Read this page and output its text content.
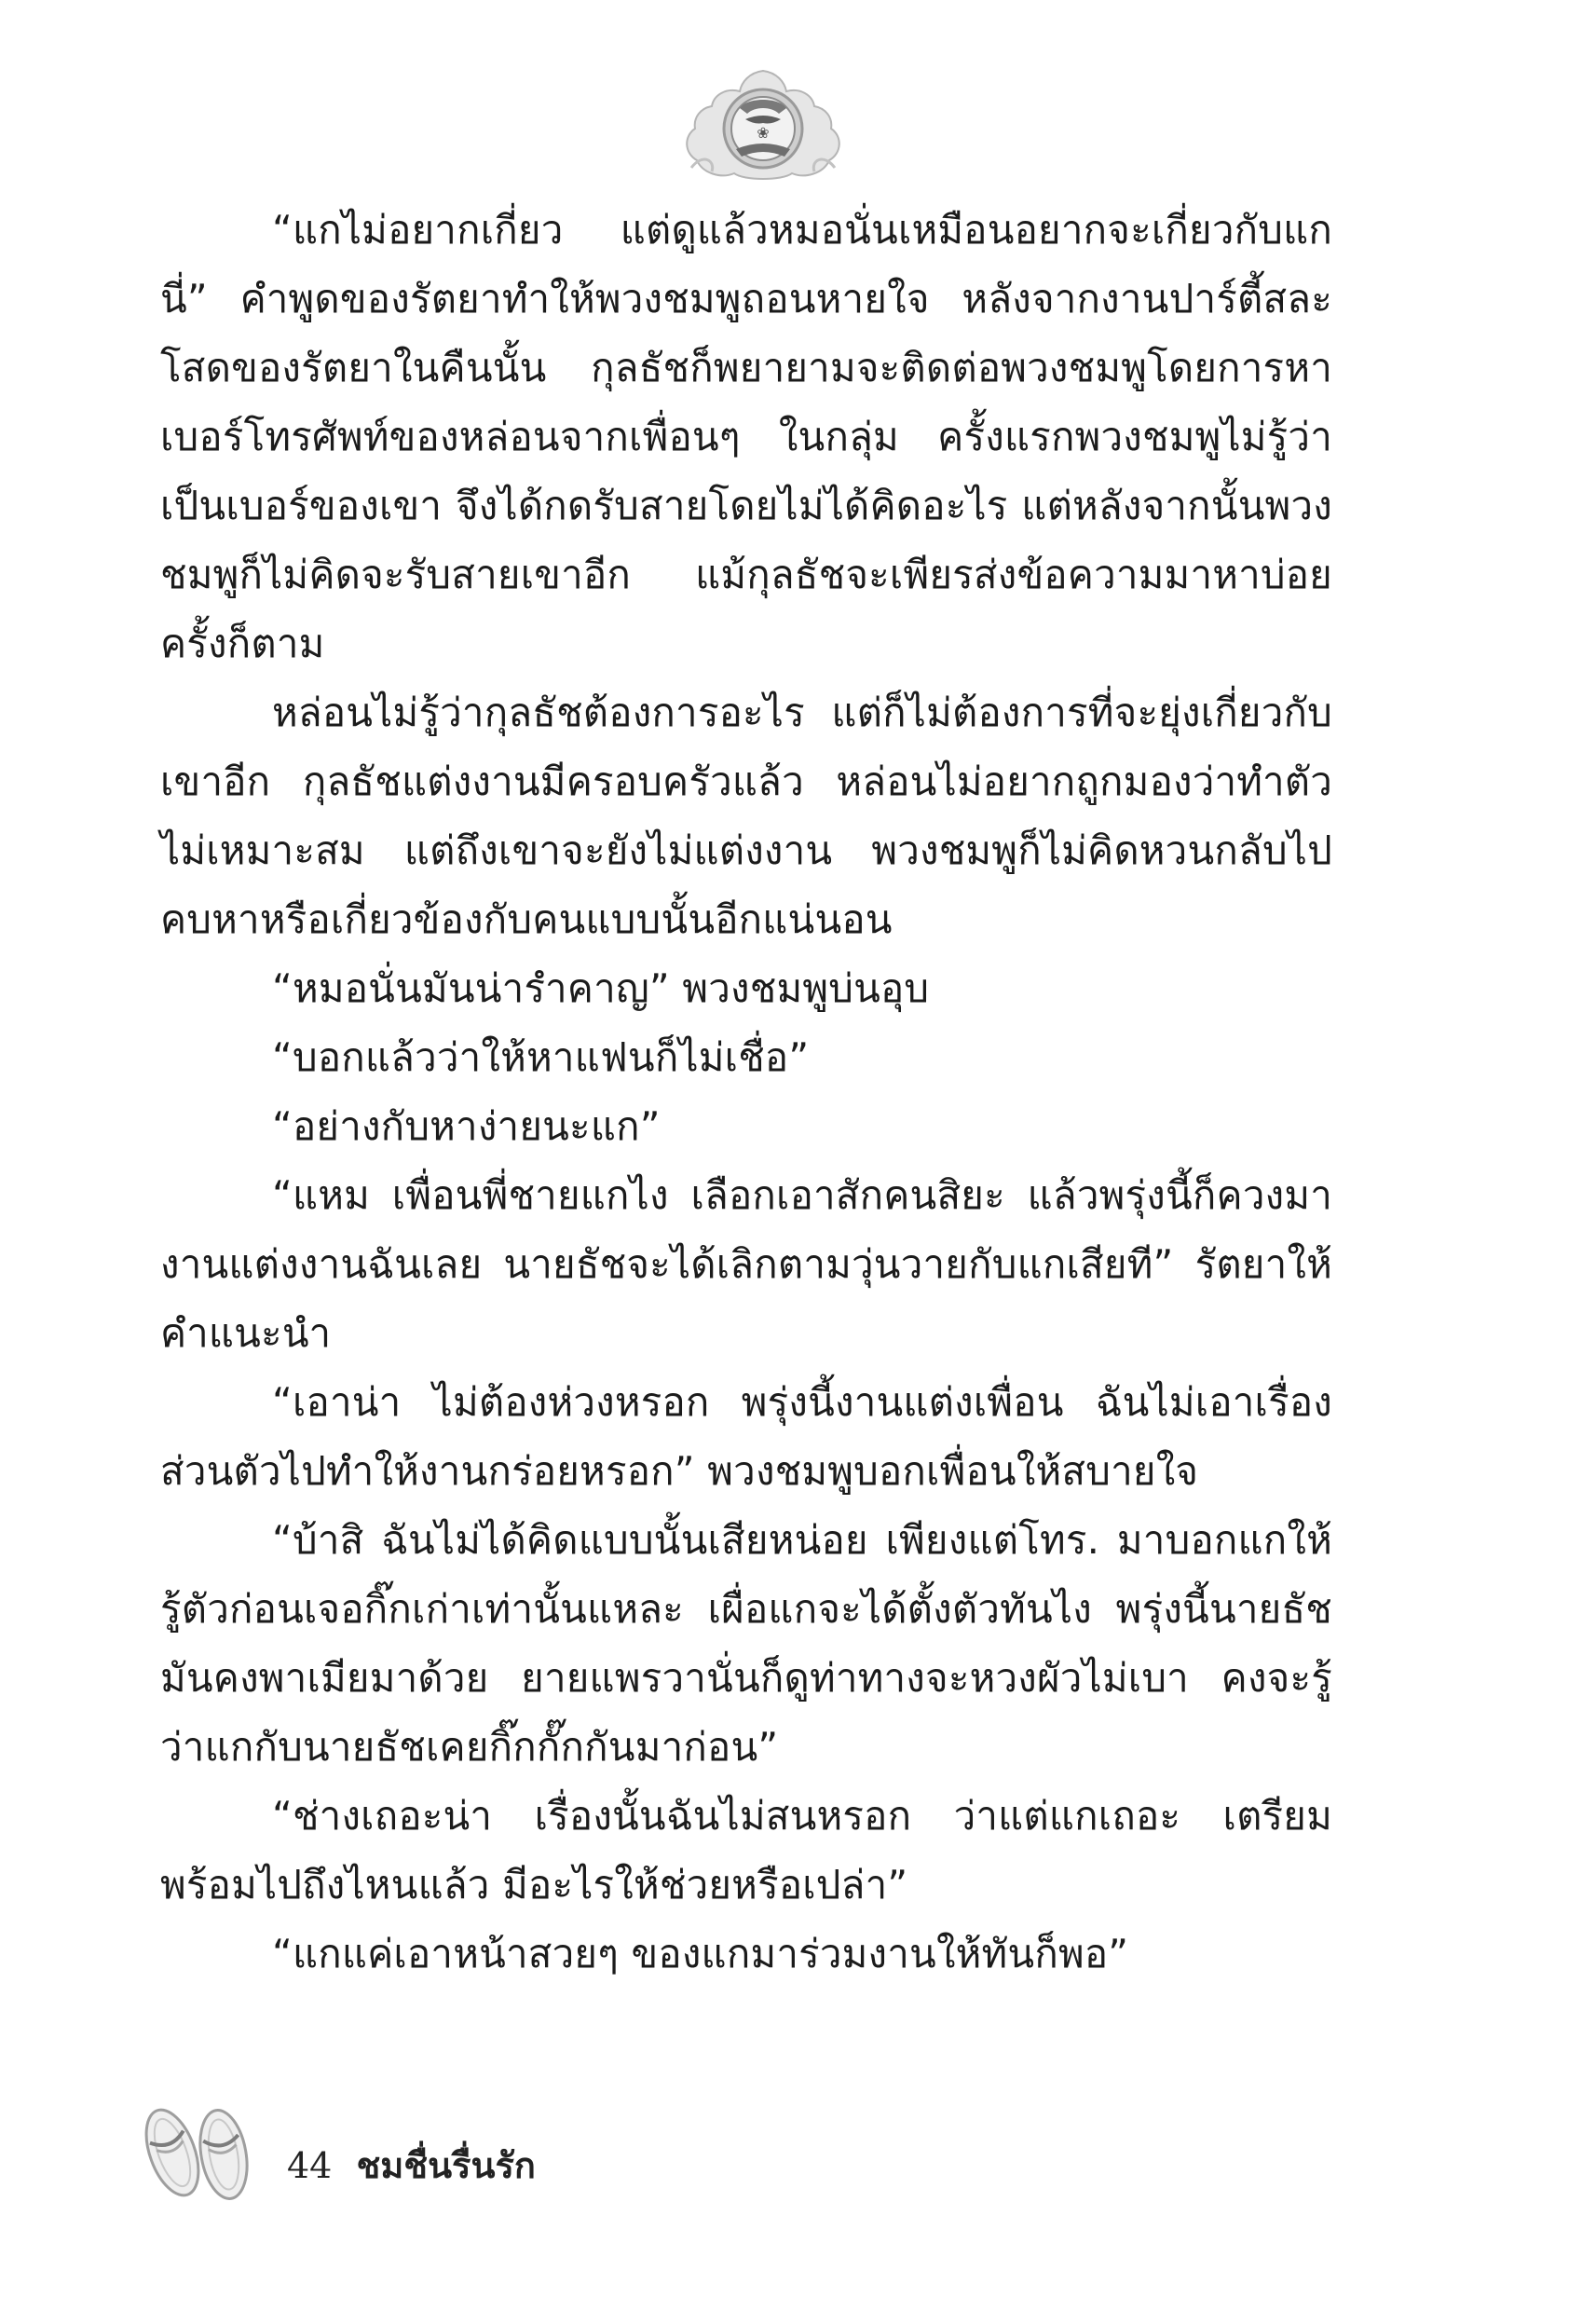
❀

“แกไม่อยากเกี่ยว แต่ดูแล้วหมอนั่นเหมือนอยากจะเกี่ยวกับแกนี่” คำพูดของรัตยาทำให้พวงชมพูถอนหายใจ หลังจากงานปาร์ตี้สละโสดของรัตยาในคืนนั้น กุลธัชก็พยายามจะติดต่อพวงชมพูโดยการหาเบอร์โทรศัพท์ของหล่อนจากเพื่อนๆ ในกลุ่ม ครั้งแรกพวงชมพูไม่รู้ว่าเป็นเบอร์ของเขา จึงได้กดรับสายโดยไม่ได้คิดอะไร แต่หลังจากนั้นพวงชมพูก็ไม่คิดจะรับสายเขาอีก แม้กุลธัชจะเพียรส่งข้อความมาหาบ่อยครั้งก็ตาม

หล่อนไม่รู้ว่ากุลธัชต้องการอะไร แต่ก็ไม่ต้องการที่จะยุ่งเกี่ยวกับเขาอีก กุลธัชแต่งงานมีครอบครัวแล้ว หล่อนไม่อยากถูกมองว่าทำตัวไม่เหมาะสม แต่ถึงเขาจะยังไม่แต่งงาน พวงชมพูก็ไม่คิดหวนกลับไปคบหาหรือเกี่ยวข้องกับคนแบบนั้นอีกแน่นอน

“หมอนั่นมันน่ารำคาญ” พวงชมพูบ่นอุบ

“บอกแล้วว่าให้หาแฟนก็ไม่เชื่อ”

“อย่างกับหาง่ายนะแก”

“แหม เพื่อนพี่ชายแกไง เลือกเอาสักคนสิยะ แล้วพรุ่งนี้ก็ควงมางานแต่งงานฉันเลย นายธัชจะได้เลิกตามวุ่นวายกับแกเสียที” รัตยาให้คำแนะนำ

“เอาน่า ไม่ต้องห่วงหรอก พรุ่งนี้งานแต่งเพื่อน ฉันไม่เอาเรื่องส่วนตัวไปทำให้งานกร่อยหรอก” พวงชมพูบอกเพื่อนให้สบายใจ

“บ้าสิ ฉันไม่ได้คิดแบบนั้นเสียหน่อย เพียงแต่โทร. มาบอกแกให้รู้ตัวก่อนเจอกิ๊กเก่าเท่านั้นแหละ เผื่อแกจะได้ตั้งตัวทันไง พรุ่งนี้นายธัชมันคงพาเมียมาด้วย ยายแพรวานั่นก็ดูท่าทางจะหวงผัวไม่เบา คงจะรู้ว่าแกกับนายธัชเคยกิ๊กกั๊กกันมาก่อน”

“ช่างเถอะน่า เรื่องนั้นฉันไม่สนหรอก ว่าแต่แกเถอะ เตรียมพร้อมไปถึงไหนแล้ว มีอะไรให้ช่วยหรือเปล่า”

“แกแค่เอาหน้าสวยๆ ของแกมาร่วมงานให้ทันก็พอ”

44 ชมชื่นรื่นรัก
